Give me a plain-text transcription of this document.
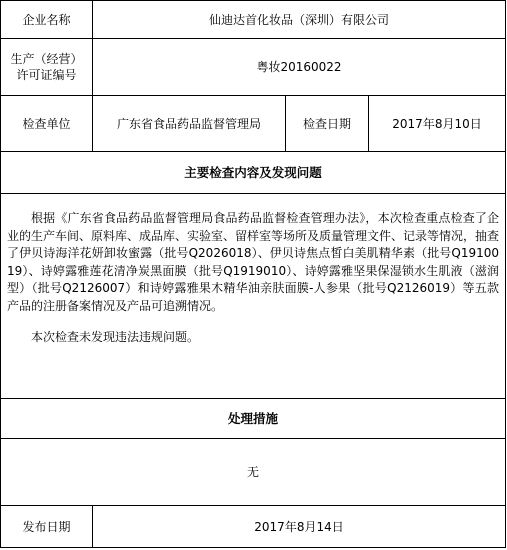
企业名称	仙迪达首化妆品（深圳）有限公司		

生产（经营）
许可证编号	粤妆20160022		
检查单位	广东省食品药品监督管理局	检查日期	2017年8月10日
主要检查内容及发现问题			

根据《广东省食品药品监督管理局食品药品监督检查管理办法》，本次检查重点检查了企业的生产车间、原料库、成品库、实验室、留样室等场所及质量管理文件、记录等情况，抽查了伊贝诗海洋花妍卸妆蜜露（批号Q2026018）、伊贝诗焦点皙白美肌精华素（批号Q1910019）、诗婷露雅莲花清净炭黑面膜（批号Q1919010）、诗婷露雅坚果保湿锁水生肌液（滋润型）（批号Q2126007）和诗婷露雅果木精华油亲肤面膜-人参果（批号Q2126019）等五款产品的注册备案情况及产品可追溯情况。

本次检查未发现违法违规问题。			

处理措施			
无			
发布日期	2017年8月14日		
